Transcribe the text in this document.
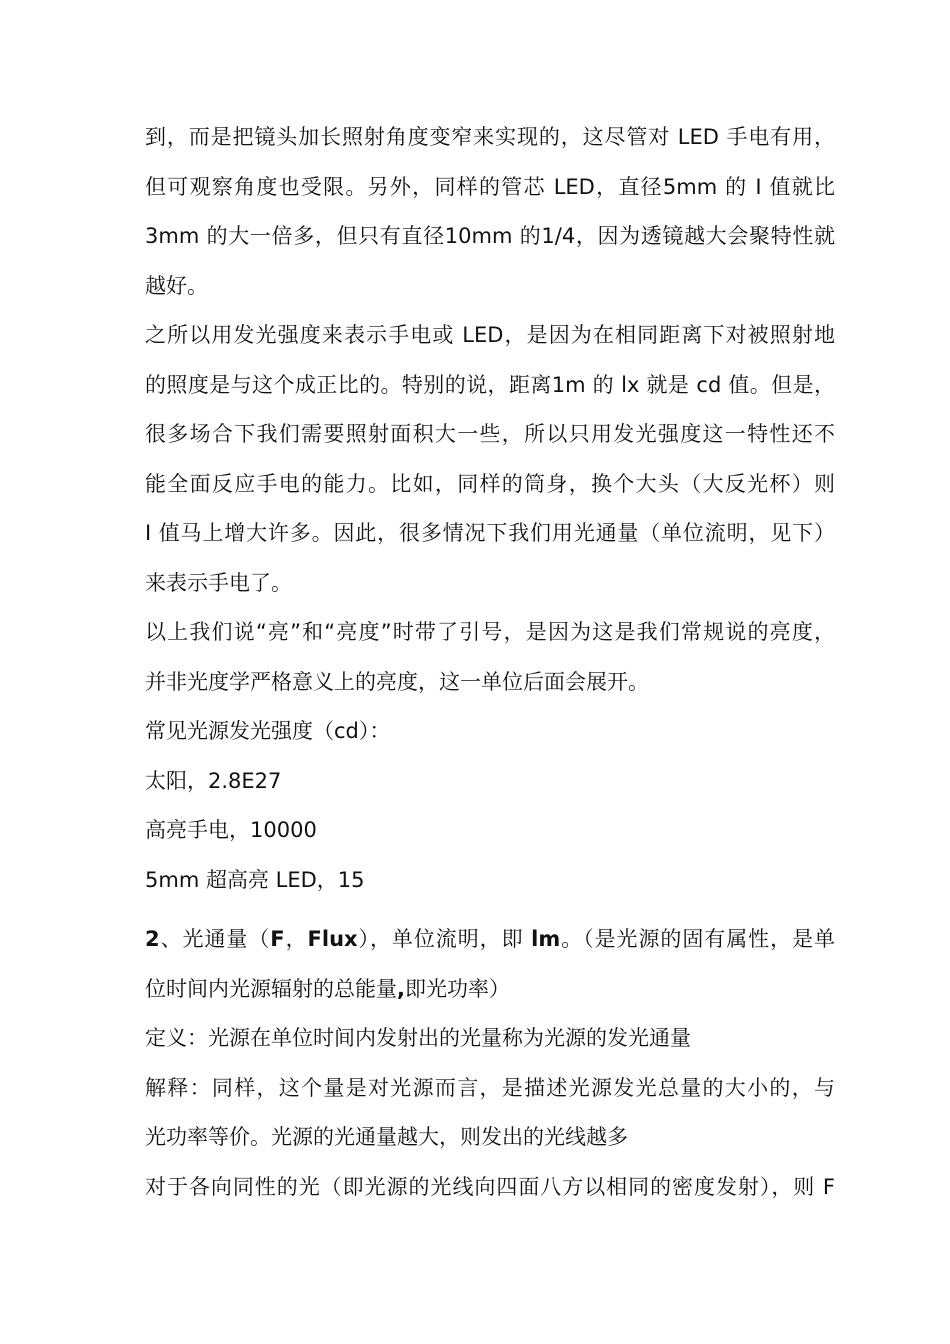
到，而是把镜头加长照射角度变窄来实现的，这尽管对 LED 手电有用，
但可观察角度也受限。另外，同样的管芯 LED，直径5mm 的 I 值就比
3mm 的大一倍多，但只有直径10mm 的1/4，因为透镜越大会聚特性就
越好。
之所以用发光强度来表示手电或 LED，是因为在相同距离下对被照射地
的照度是与这个成正比的。特别的说，距离1m 的 lx 就是 cd 值。但是，
很多场合下我们需要照射面积大一些，所以只用发光强度这一特性还不
能全面反应手电的能力。比如，同样的筒身，换个大头（大反光杯）则
I 值马上增大许多。因此，很多情况下我们用光通量（单位流明，见下）
来表示手电了。
以上我们说“亮”和“亮度”时带了引号，是因为这是我们常规说的亮度，
并非光度学严格意义上的亮度，这一单位后面会展开。
常见光源发光强度（cd）：
太阳，2.8E27
高亮手电，10000
5mm 超高亮 LED，15
2、光通量（F，Flux），单位流明，即 lm。（是光源的固有属性，是单
位时间内光源辐射的总能量,即光功率）
定义：光源在单位时间内发射出的光量称为光源的发光通量
解释：同样，这个量是对光源而言，是描述光源发光总量的大小的，与
光功率等价。光源的光通量越大，则发出的光线越多
对于各向同性的光（即光源的光线向四面八方以相同的密度发射），则 F
